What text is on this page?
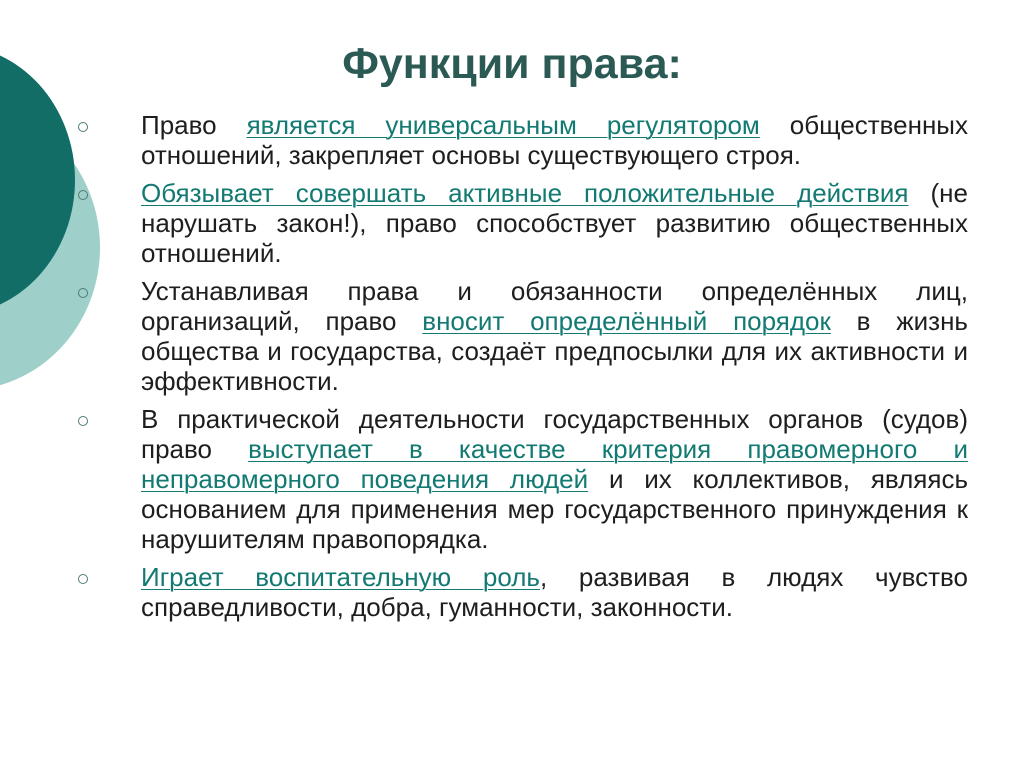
Функции права:
Право является универсальным регулятором общественных отношений, закрепляет основы существующего строя.
Обязывает совершать активные положительные действия (не нарушать закон!), право способствует развитию общественных отношений.
Устанавливая права и обязанности определённых лиц, организаций, право вносит определённый порядок в жизнь общества и государства, создаёт предпосылки для их активности и эффективности.
В практической деятельности государственных органов (судов) право выступает в качестве критерия правомерного и неправомерного поведения людей и их коллективов, являясь основанием для применения мер государственного принуждения к нарушителям правопорядка.
Играет воспитательную роль, развивая в людях чувство справедливости, добра, гуманности, законности.
